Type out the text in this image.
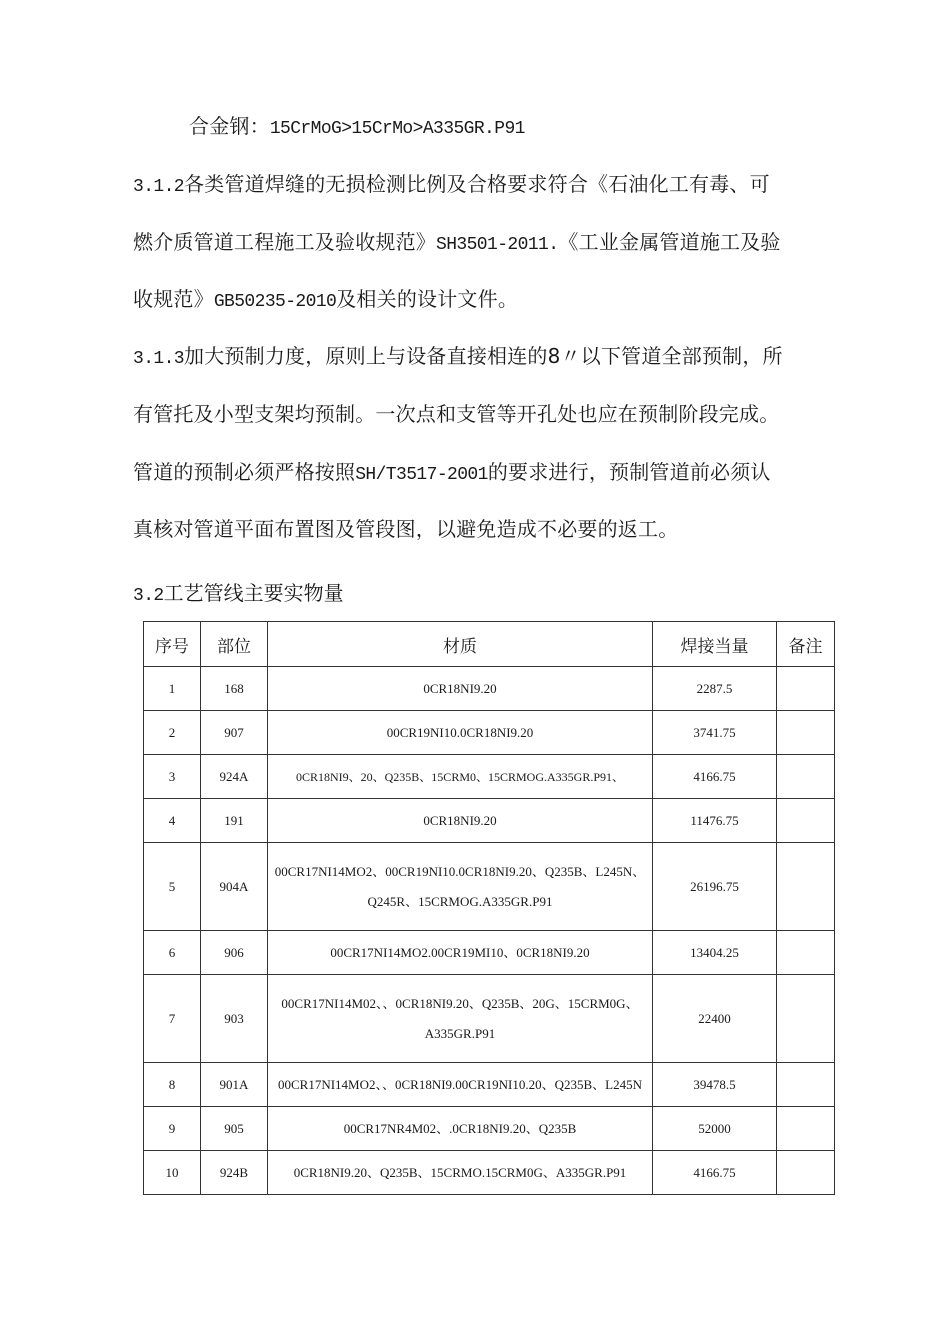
合金钢：15CrMoG>15CrMo>A335GR.P91

3.1.2各类管道焊缝的无损检测比例及合格要求符合《石油化工有毒、可

燃介质管道工程施工及验收规范》SH3501-2011.《工业金属管道施工及验

收规范》GB50235-2010及相关的设计文件。

3.1.3加大预制力度，原则上与设备直接相连的8〃以下管道全部预制，所

有管托及小型支架均预制。一次点和支管等开孔处也应在预制阶段完成。

管道的预制必须严格按照SH/T3517-2001的要求进行，预制管道前必须认

真核对管道平面布置图及管段图，以避免造成不必要的返工。

3.2工艺管线主要实物量

序号	部位	材质	焊接当量	备注
1	168	0CR18NI9.20	2287.5	
2	907	00CR19NI10.0CR18NI9.20	3741.75	
3	924A	0CR18NI9、20、Q235B、15CRM0、15CRMOG.A335GR.P91、	4166.75	
4	191	0CR18NI9.20	11476.75	
5	904A	00CR17NI14MO2、00CR19NI10.0CR18NI9.20、Q235B、L245N、
Q245R、15CRMOG.A335GR.P91	26196.75	
6	906	00CR17NI14MO2.00CR19MI10、0CR18NI9.20	13404.25	
7	903	00CR17NI14M02、、0CR18NI9.20、Q235B、20G、15CRM0G、
A335GR.P91	22400	
8	901A	00CR17NI14MO2、、0CR18NI9.00CR19NI10.20、Q235B、L245N	39478.5	
9	905	00CR17NR4M02、.0CR18NI9.20、Q235B	52000	
10	924B	0CR18NI9.20、Q235B、15CRMO.15CRM0G、A335GR.P91	4166.75	
